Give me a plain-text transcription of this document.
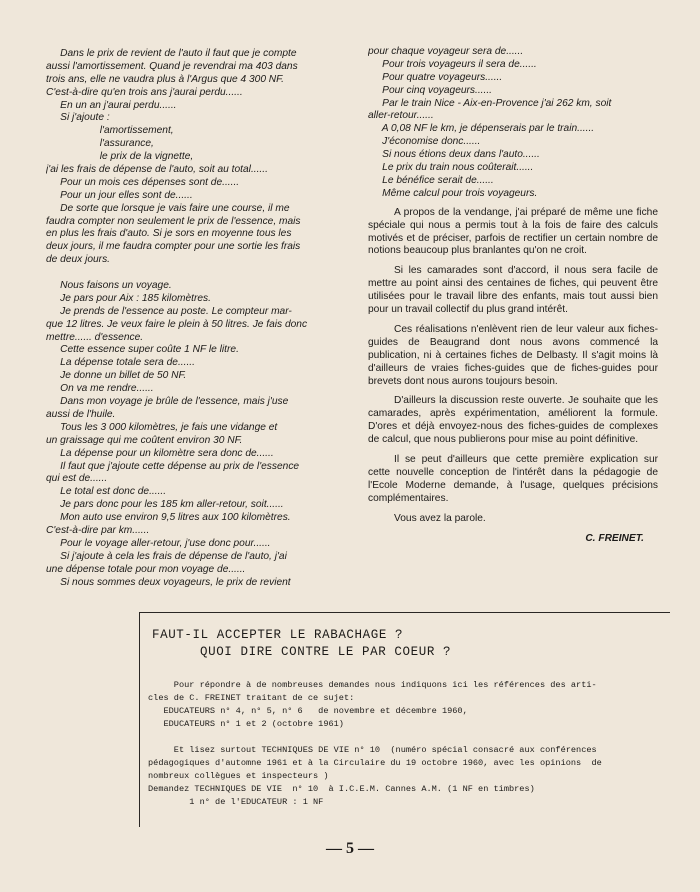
Dans le prix de revient de l'auto il faut que je compte
aussi l'amortissement. Quand je revendrai ma 403 dans
trois ans, elle ne vaudra plus à l'Argus que 4 300 NF.
C'est-à-dire qu'en trois ans j'aurai perdu......
En un an j'aurai perdu......
Si j'ajoute :
l'amortissement,
l'assurance,
le prix de la vignette,
j'ai les frais de dépense de l'auto, soit au total......
Pour un mois ces dépenses sont de......
Pour un jour elles sont de......
De sorte que lorsque je vais faire une course, il me
faudra compter non seulement le prix de l'essence, mais
en plus les frais d'auto. Si je sors en moyenne tous les
deux jours, il me faudra compter pour une sortie les frais
de deux jours.
Nous faisons un voyage.
Je pars pour Aix : 185 kilomètres.
Je prends de l'essence au poste. Le compteur mar-
que 12 litres. Je veux faire le plein à 50 litres. Je fais donc
mettre...... d'essence.
Cette essence super coûte 1 NF le litre.
La dépense totale sera de......
Je donne un billet de 50 NF.
On va me rendre......
Dans mon voyage je brûle de l'essence, mais j'use
aussi de l'huile.
Tous les 3 000 kilomètres, je fais une vidange et
un graissage qui me coûtent environ 30 NF.
La dépense pour un kilomètre sera donc de......
Il faut que j'ajoute cette dépense au prix de l'essence
qui est de......
Le total est donc de......
Je pars donc pour les 185 km aller-retour, soit......
Mon auto use environ 9,5 litres aux 100 kilomètres.
C'est-à-dire par km......
Pour le voyage aller-retour, j'use donc pour......
Si j'ajoute à cela les frais de dépense de l'auto, j'ai
une dépense totale pour mon voyage de......
Si nous sommes deux voyageurs, le prix de revient
pour chaque voyageur sera de......
Pour trois voyageurs il sera de......
Pour quatre voyageurs......
Pour cinq voyageurs......
Par le train Nice - Aix-en-Provence j'ai 262 km, soit
aller-retour......
A 0,08 NF le km, je dépenserais par le train......
J'économise donc......
Si nous étions deux dans l'auto......
Le prix du train nous coûterait......
Le bénéfice serait de......
Même calcul pour trois voyageurs.
A propos de la vendange, j'ai préparé de même une fiche spéciale qui nous a permis tout à la fois de faire des calculs motivés et de préciser, parfois de rectifier un certain nombre de notions beaucoup plus branlantes qu'on ne croit.
Si les camarades sont d'accord, il nous sera facile de mettre au point ainsi des centaines de fiches, qui peuvent être utilisées pour le travail libre des enfants, mais tout aussi bien pour un travail collectif du plus grand intérêt.
Ces réalisations n'enlèvent rien de leur valeur aux fiches-guides de Beaugrand dont nous avons commencé la publication, ni à certaines fiches de Delbasty. Il s'agit moins là d'ailleurs de vraies fiches-guides que de fiches-guides pour brevets dont nous aurons toujours besoin.
D'ailleurs la discussion reste ouverte. Je souhaite que les camarades, après expérimentation, améliorent la formule. D'ores et déjà envoyez-nous des fiches-guides de complexes de calcul, que nous publierons pour mise au point définitive.
Il se peut d'ailleurs que cette première explication sur cette nouvelle conception de l'intérêt dans la pédagogie de l'Ecole Moderne demande, à l'usage, quelques précisions complémentaires.
Vous avez la parole.
C. FREINET.
FAUT-IL ACCEPTER LE RABACHAGE ?
QUOI DIRE CONTRE LE PAR COEUR ?
Pour répondre à de nombreuses demandes nous indiquons ici les références des arti-
cles de C. FREINET traitant de ce sujet:
EDUCATEURS n° 4, n° 5, n° 6   de novembre et décembre 1960,
EDUCATEURS n° 1 et 2 (octobre 1961)
Et lisez surtout TECHNIQUES DE VIE n° 10  (numéro spécial consacré aux conférences
pédagogiques d'automne 1961 et à la Circulaire du 19 octobre 1960, avec les opinions  de
nombreux collègues et inspecteurs )
Demandez TECHNIQUES DE VIE  n° 10  à I.C.E.M. Cannes A.M. (1 NF en timbres)
1 n° de l'EDUCATEUR : 1 NF
— 5 —
